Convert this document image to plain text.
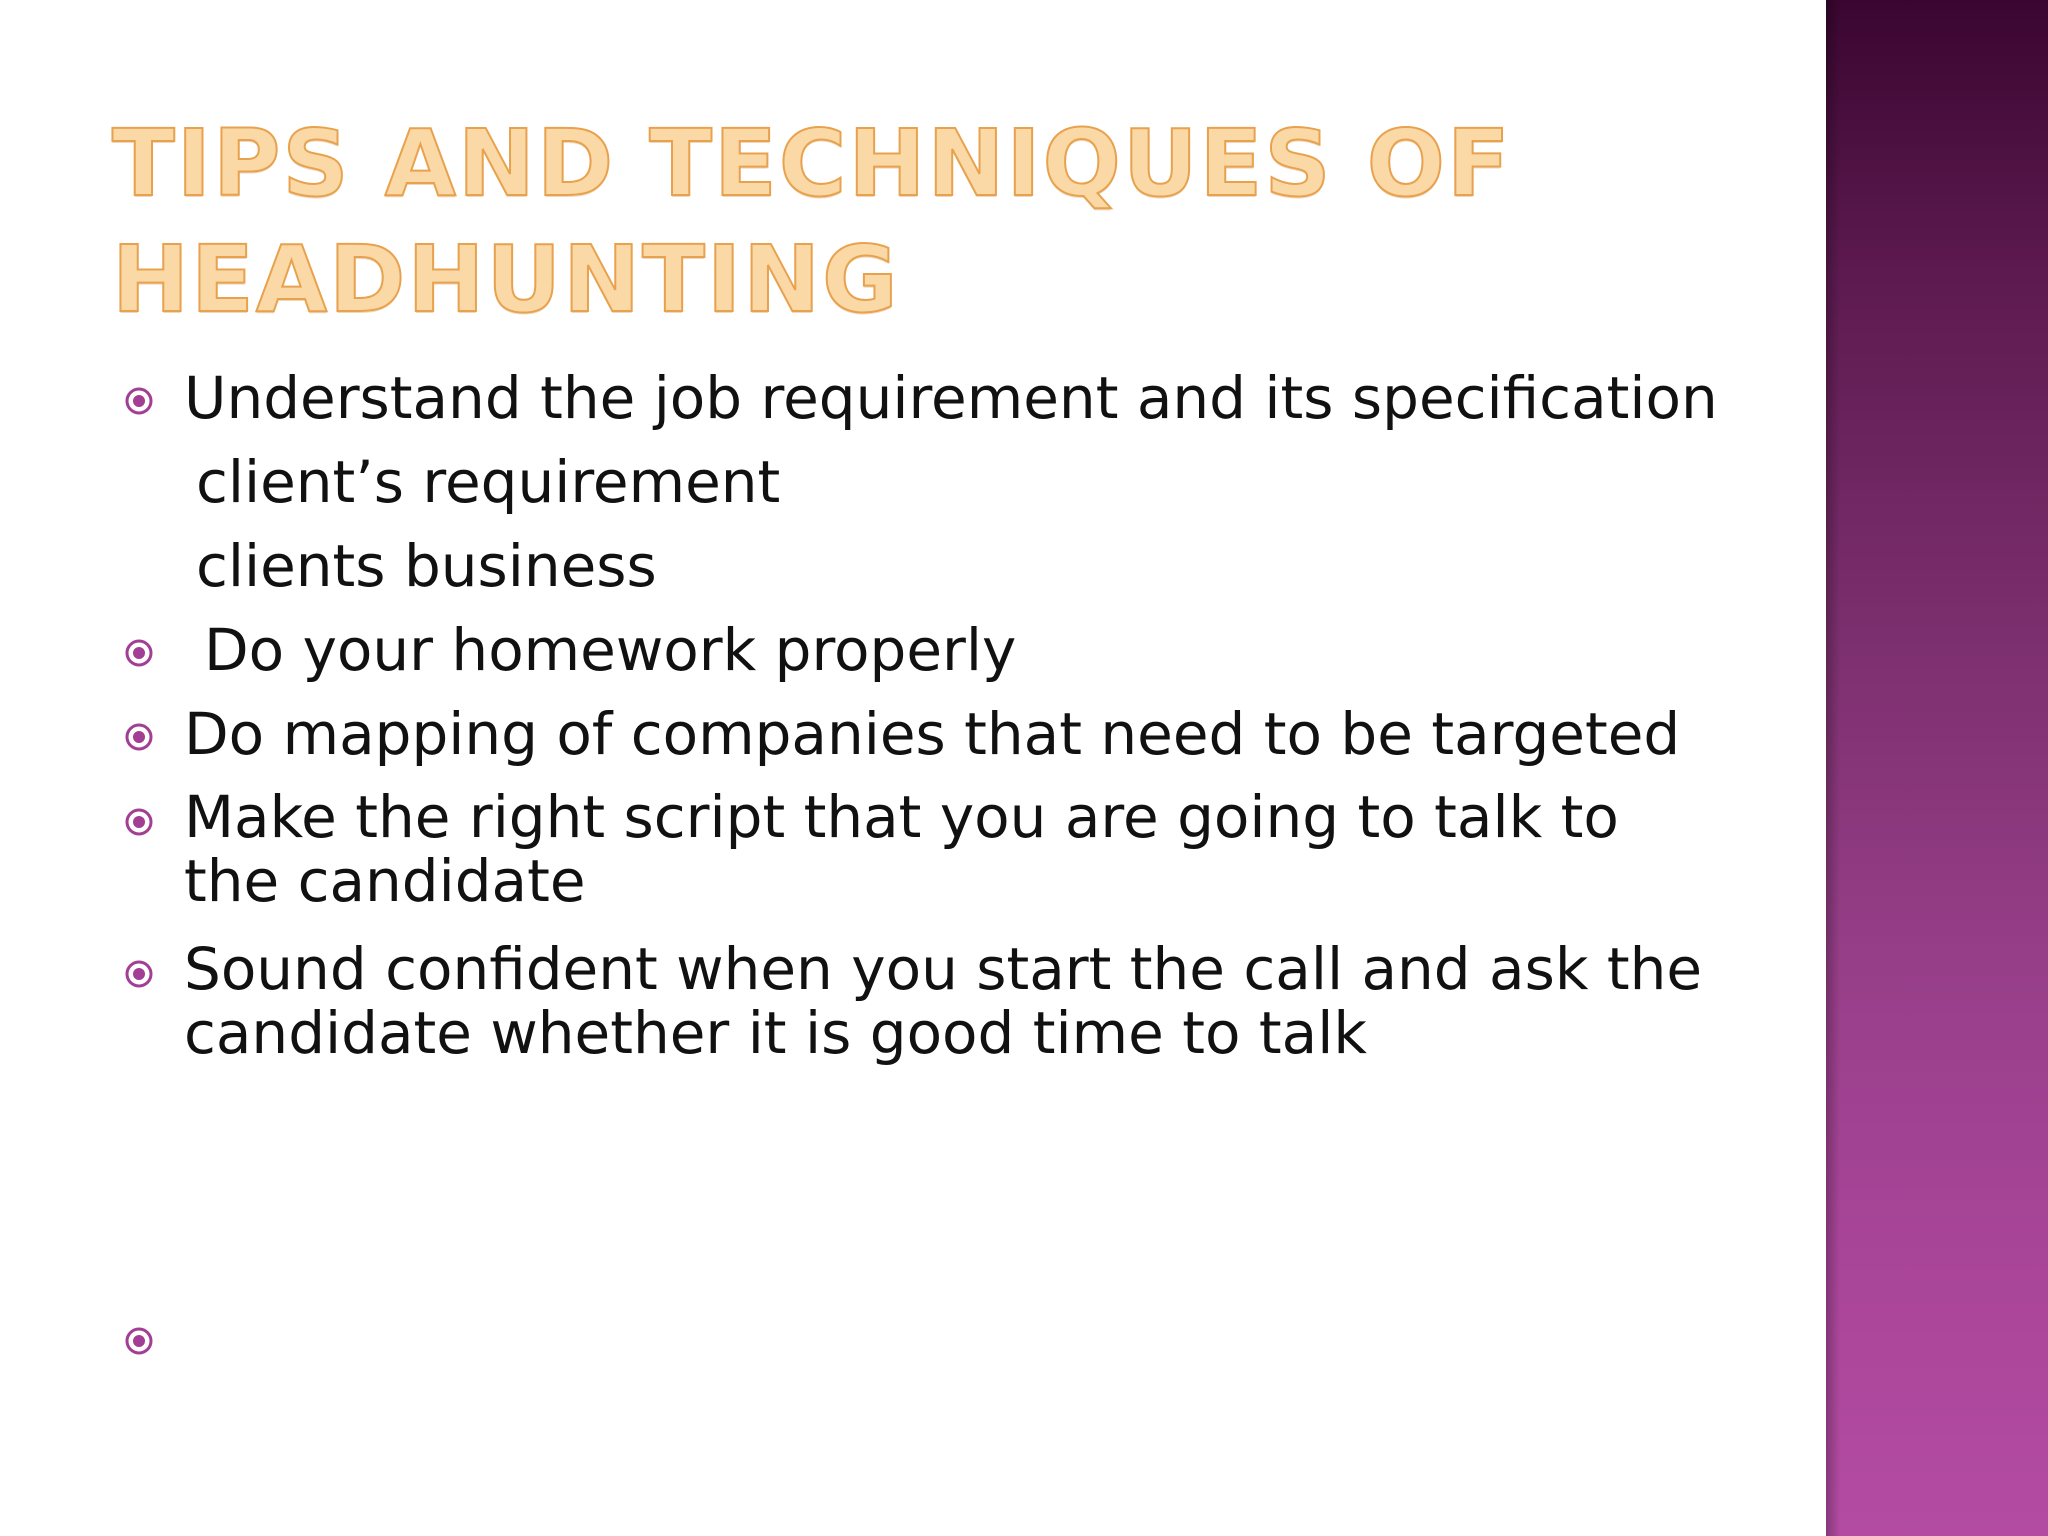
TIPS AND TECHNIQUES OF HEADHUNTING
Understand the job requirement and its specification
client’s requirement
clients business
Do your homework properly
Do mapping of companies that need to be targeted
Make the right script that you are going to talk to the candidate
Sound confident when you start the call and ask the candidate whether it is good time to talk
